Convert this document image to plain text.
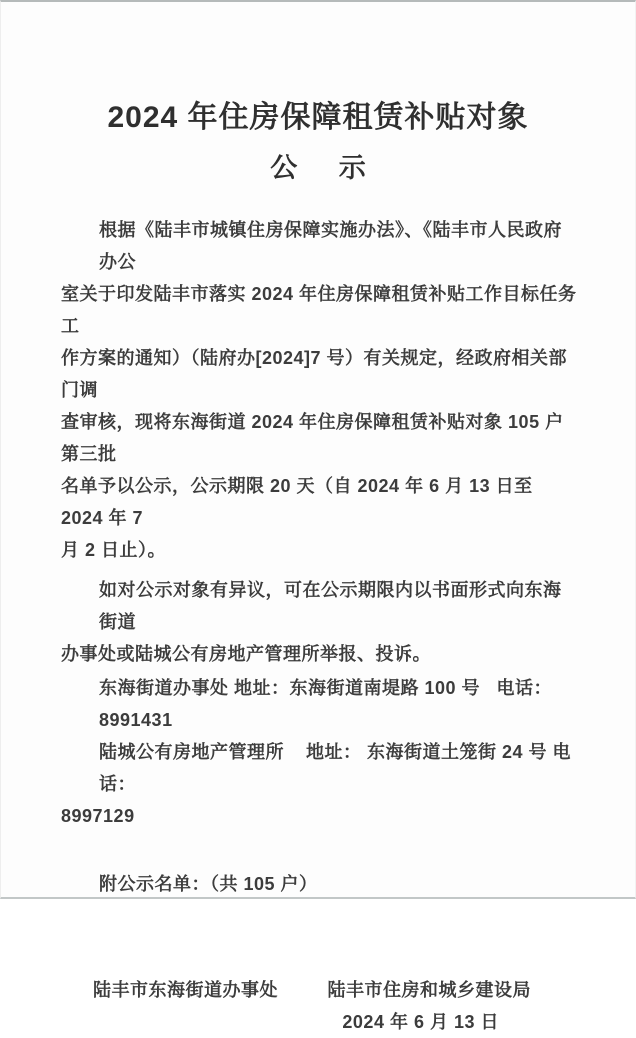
2024 年住房保障租赁补贴对象
公 示
根据《陆丰市城镇住房保障实施办法》、《陆丰市人民政府办公
室关于印发陆丰市落实 2024 年住房保障租赁补贴工作目标任务工
作方案的通知）（陆府办[2024]7 号）有关规定，经政府相关部门调
查审核，现将东海街道 2024 年住房保障租赁补贴对象 105 户第三批
名单予以公示，公示期限 20 天（自 2024 年 6 月 13 日至 2024 年 7
月 2 日止）。
如对公示对象有异议，可在公示期限内以书面形式向东海街道
办事处或陆城公有房地产管理所举报、投诉。
东海街道办事处 地址：东海街道南堤路 100 号   电话：8991431
陆城公有房地产管理所    地址： 东海街道土笼街 24 号 电话：
8997129
附公示名单：（共 105 户）
陆丰市东海街道办事处	陆丰市住房和城乡建设局
2024 年 6 月 13 日
